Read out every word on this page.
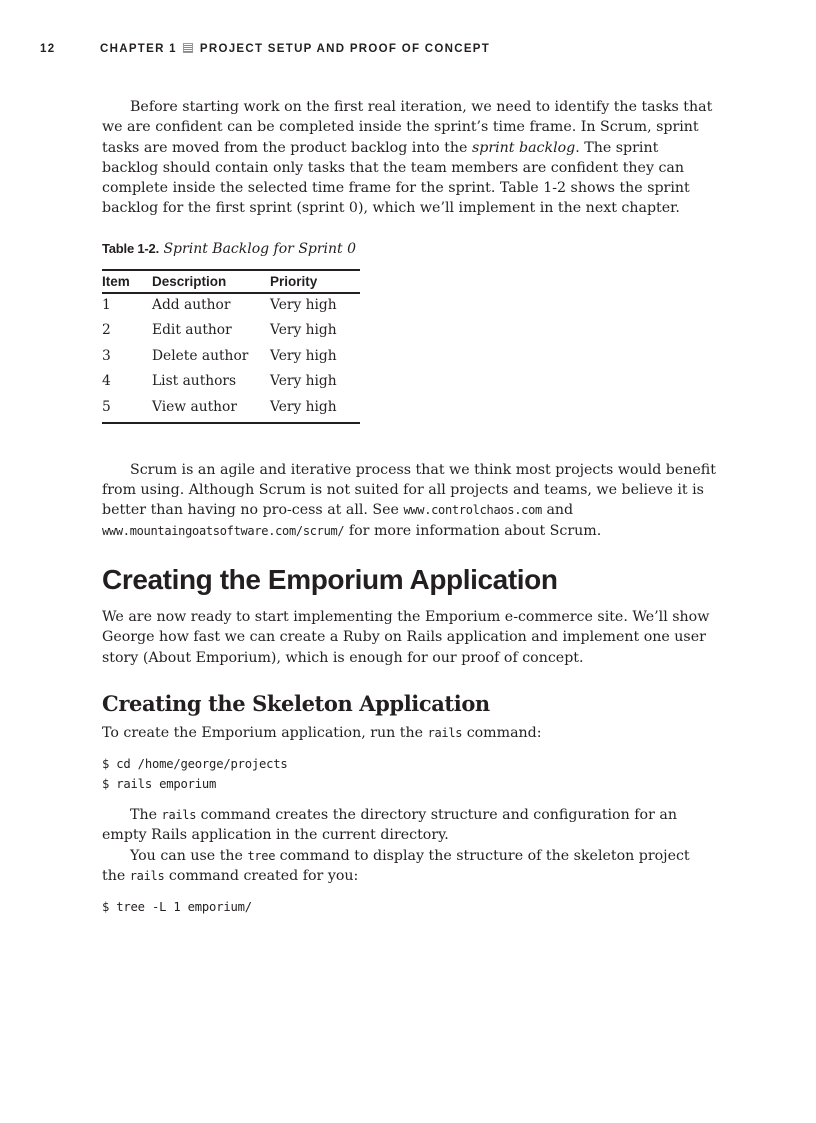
12	CHAPTER 1 PROJECT SETUP AND PROOF OF CONCEPT

Before starting work on the first real iteration, we need to identify the tasks that we are confident can be completed inside the sprint’s time frame. In Scrum, sprint tasks are moved from the product backlog into the sprint backlog. The sprint backlog should contain only tasks that the team members are confident they can complete inside the selected time frame for the sprint. Table 1-2 shows the sprint backlog for the first sprint (sprint 0), which we’ll implement in the next chapter.

Table 1-2. Sprint Backlog for Sprint 0
Item	Description	Priority
1	Add author	Very high
2	Edit author	Very high
3	Delete author	Very high
4	List authors	Very high
5	View author	Very high

Scrum is an agile and iterative process that we think most projects would benefit from using. Although Scrum is not suited for all projects and teams, we believe it is better than having no pro-cess at all. See www.controlchaos.com and www.mountaingoatsoftware.com/scrum/ for more information about Scrum.

Creating the Emporium Application

We are now ready to start implementing the Emporium e-commerce site. We’ll show George how fast we can create a Ruby on Rails application and implement one user story (About Emporium), which is enough for our proof of concept.

Creating the Skeleton Application

To create the Emporium application, run the rails command:

$ cd /home/george/projects
$ rails emporium

The rails command creates the directory structure and configuration for an empty Rails application in the current directory.

You can use the tree command to display the structure of the skeleton project the rails command created for you:

$ tree -L 1 emporium/
